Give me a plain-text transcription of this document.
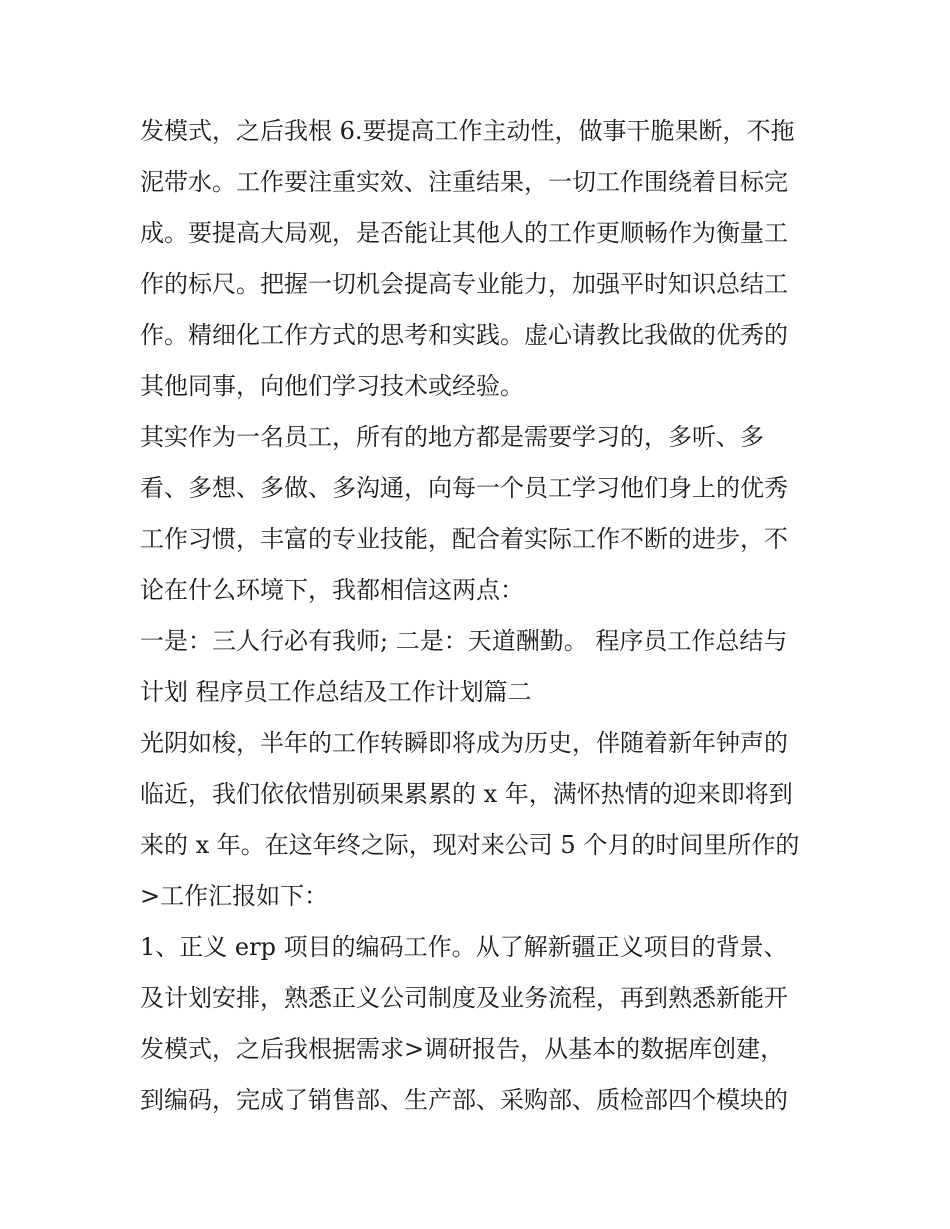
发模式，之后我根 6.要提高工作主动性，做事干脆果断，不拖
泥带水。工作要注重实效、注重结果，一切工作围绕着目标完
成。要提高大局观，是否能让其他人的工作更顺畅作为衡量工
作的标尺。把握一切机会提高专业能力，加强平时知识总结工
作。精细化工作方式的思考和实践。虚心请教比我做的优秀的
其他同事，向他们学习技术或经验。
其实作为一名员工，所有的地方都是需要学习的，多听、多
看、多想、多做、多沟通，向每一个员工学习他们身上的优秀
工作习惯，丰富的专业技能，配合着实际工作不断的进步，不
论在什么环境下，我都相信这两点：
一是：三人行必有我师; 二是：天道酬勤。 程序员工作总结与
计划 程序员工作总结及工作计划篇二
光阴如梭，半年的工作转瞬即将成为历史，伴随着新年钟声的
临近，我们依依惜别硕果累累的 x 年，满怀热情的迎来即将到
来的 x 年。在这年终之际，现对来公司 5 个月的时间里所作的
>工作汇报如下：
1、正义 erp 项目的编码工作。从了解新疆正义项目的背景、
及计划安排，熟悉正义公司制度及业务流程，再到熟悉新能开
发模式，之后我根据需求>调研报告，从基本的数据库创建，
到编码，完成了销售部、生产部、采购部、质检部四个模块的
